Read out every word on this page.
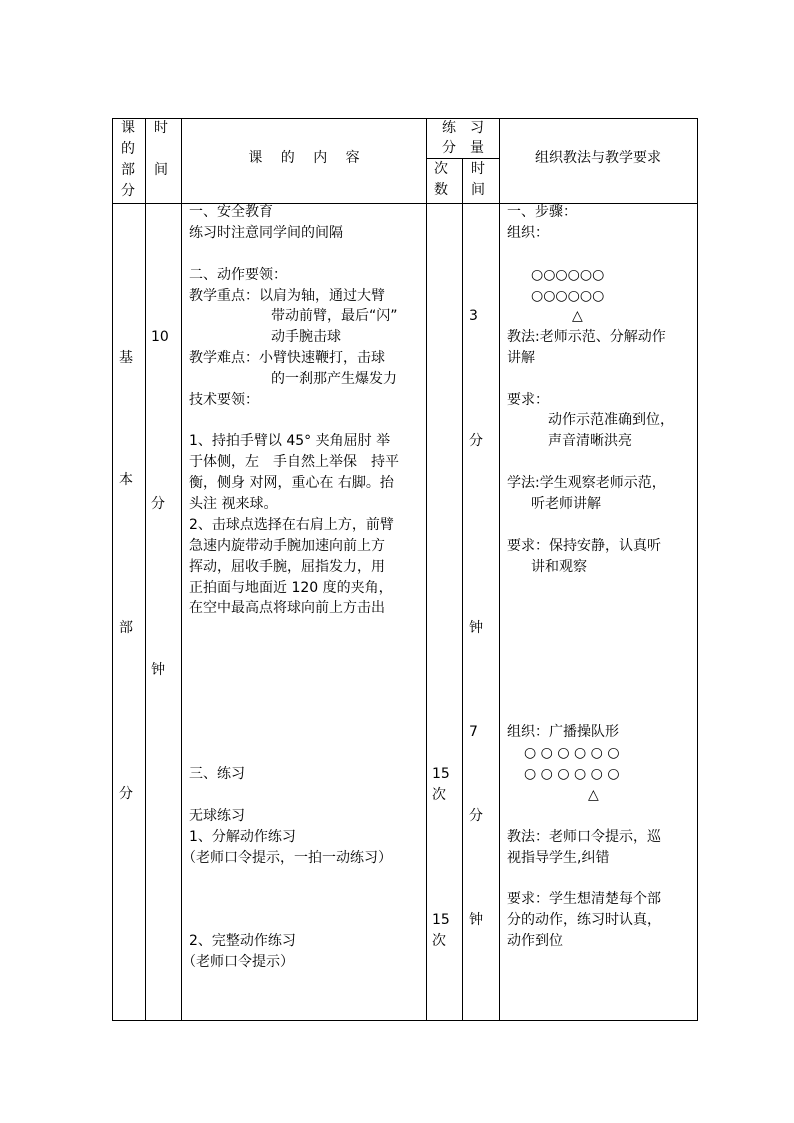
课
的
部
分
时
间
课　 的　 内　 容
练　习
分　量
次
数
时
间
组织教法与教学要求
基
本
部
分
10
分
钟
一、安全教育
练习时注意同学间的间隔
二、动作要领：
教学重点：以肩为轴，通过大臂
带动前臂，最后“闪”
动手腕击球
教学难点：小臂快速鞭打，击球
的一刹那产生爆发力
技术要领：
1、持拍手臂以 45° 夹角屈肘 举
于体侧，左　手自然上举保　持平
衡，侧身 对网，重心在 右脚。抬
头注 视来球。
2、击球点选择在右肩上方，前臂
急速内旋带动手腕加速向前上方
挥动，屈收手腕，屈指发力，用
正拍面与地面近 120 度的夹角，
在空中最高点将球向前上方击出
三、练习
无球练习
1、分解动作练习
（老师口令提示，一拍一动练习）
2、完整动作练习
（老师口令提示）
15
次
15
次
3
分
钟
7
分
钟
一、步骤：
组织：
○○○○○○
○○○○○○
△
教法:老师示范、分解动作
讲解
要求：
动作示范准确到位，
声音清晰洪亮
学法:学生观察老师示范，
听老师讲解
要求：保持安静，认真听
讲和观察
组织：广播操队形
○ ○ ○ ○ ○ ○
○ ○ ○ ○ ○ ○
△
教法：老师口令提示，巡
视指导学生,纠错
要求：学生想清楚每个部
分的动作，练习时认真，
动作到位
